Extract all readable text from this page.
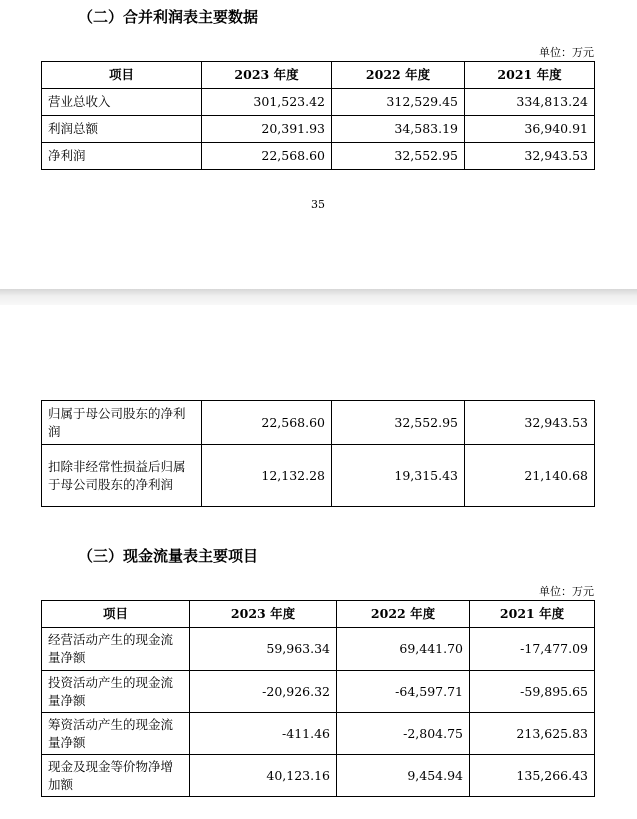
（二）合并利润表主要数据
单位：万元
项目	2023 年度	2022 年度	2021 年度
营业总收入	301,523.42	312,529.45	334,813.24
利润总额	20,391.93	34,583.19	36,940.91
净利润	22,568.60	32,552.95	32,943.53
35
归属于母公司股东的净利润	22,568.60	32,552.95	32,943.53
扣除非经常性损益后归属于母公司股东的净利润	12,132.28	19,315.43	21,140.68
（三）现金流量表主要项目
单位：万元
项目	2023 年度	2022 年度	2021 年度
经营活动产生的现金流量净额	59,963.34	69,441.70	-17,477.09
投资活动产生的现金流量净额	-20,926.32	-64,597.71	-59,895.65
筹资活动产生的现金流量净额	-411.46	-2,804.75	213,625.83
现金及现金等价物净增加额	40,123.16	9,454.94	135,266.43
